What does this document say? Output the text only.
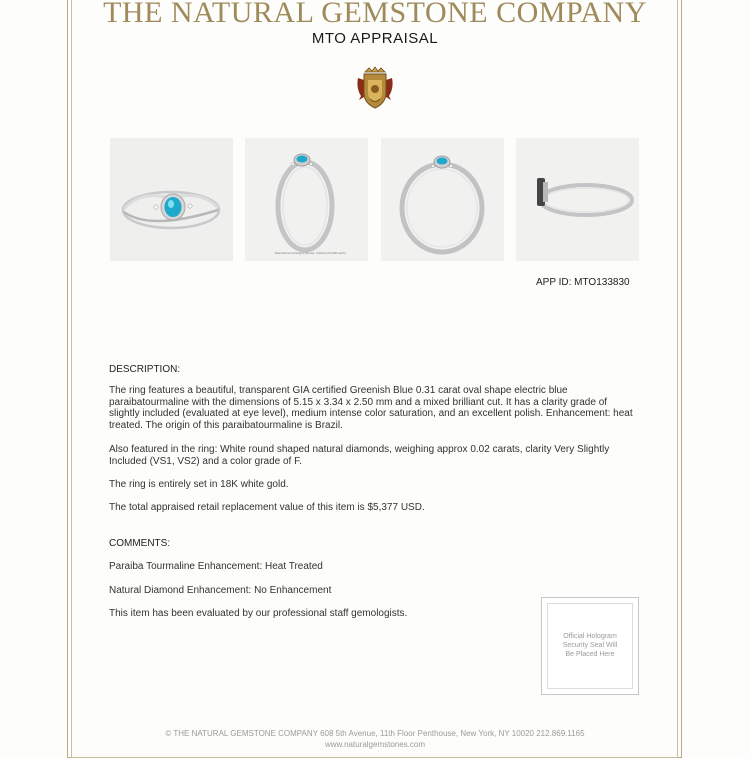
THE NATURAL GEMSTONE COMPANY
MTO APPRAISAL
Total Diamond Weight (Stone): 0.02ctw (0.0190 each)
APP ID: MTO133830
DESCRIPTION:
The ring features a beautiful, transparent GIA certified Greenish Blue 0.31 carat oval shape electric blue paraibatourmaline with the dimensions of 5.15 x 3.34 x 2.50 mm and a mixed brilliant cut. It has a clarity grade of slightly included (evaluated at eye level), medium intense color saturation, and an excellent polish. Enhancement: heat treated. The origin of this paraibatourmaline is Brazil.
Also featured in the ring: White round shaped natural diamonds, weighing approx 0.02 carats, clarity Very Slightly Included (VS1, VS2) and a color grade of F.
The ring is entirely set in 18K white gold.
The total appraised retail replacement value of this item is $5,377 USD.
COMMENTS:
Paraiba Tourmaline Enhancement: Heat Treated
Natural Diamond Enhancement: No Enhancement
This item has been evaluated by our professional staff gemologists.
Official Hologram
Security Seal Will
Be Placed Here
© THE NATURAL GEMSTONE COMPANY 608 5th Avenue, 11th Floor Penthouse, New York, NY 10020 212.869.1165
www.naturalgemstones.com
